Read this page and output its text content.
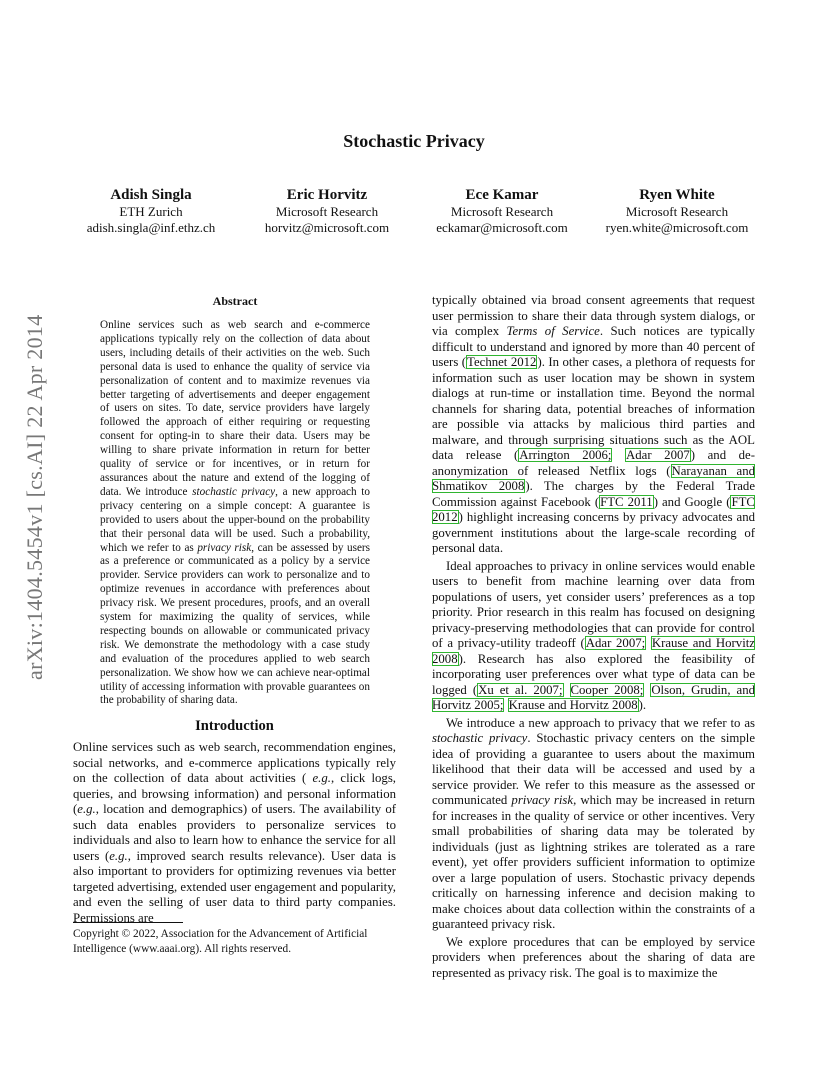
Stochastic Privacy
Adish Singla
ETH Zurich
adish.singla@inf.ethz.ch
Eric Horvitz
Microsoft Research
horvitz@microsoft.com
Ece Kamar
Microsoft Research
eckamar@microsoft.com
Ryen White
Microsoft Research
ryen.white@microsoft.com
arXiv:1404.5454v1 [cs.AI] 22 Apr 2014
Abstract

Online services such as web search and e-commerce applications typically rely on the collection of data about users, including details of their activities on the web. Such personal data is used to enhance the quality of service via personalization of content and to maximize revenues via better targeting of advertisements and deeper engagement of users on sites. To date, service providers have largely followed the approach of either requiring or requesting consent for opting-in to share their data. Users may be willing to share private information in return for better quality of service or for incentives, or in return for assurances about the nature and extend of the logging of data. We introduce stochastic privacy, a new approach to privacy centering on a simple concept: A guarantee is provided to users about the upper-bound on the probability that their personal data will be used. Such a probability, which we refer to as privacy risk, can be assessed by users as a preference or communicated as a policy by a service provider. Service providers can work to personalize and to optimize revenues in accordance with preferences about privacy risk. We present procedures, proofs, and an overall system for maximizing the quality of services, while respecting bounds on allowable or communicated privacy risk. We demonstrate the methodology with a case study and evaluation of the procedures applied to web search personalization. We show how we can achieve near-optimal utility of accessing information with provable guarantees on the probability of sharing data.

Introduction

Online services such as web search, recommendation engines, social networks, and e-commerce applications typically rely on the collection of data about activities ( e.g., click logs, queries, and browsing information) and personal information (e.g., location and demographics) of users. The availability of such data enables providers to personalize services to individuals and also to learn how to enhance the service for all users (e.g., improved search results relevance). User data is also important to providers for optimizing revenues via better targeted advertising, extended user engagement and popularity, and even the selling of user data to third party companies. Permissions are

Copyright © 2022, Association for the Advancement of Artificial Intelligence (www.aaai.org). All rights reserved.

typically obtained via broad consent agreements that request user permission to share their data through system dialogs, or via complex Terms of Service. Such notices are typically difficult to understand and ignored by more than 40 percent of users (Technet 2012). In other cases, a plethora of requests for information such as user location may be shown in system dialogs at run-time or installation time. Beyond the normal channels for sharing data, potential breaches of information are possible via attacks by malicious third parties and malware, and through surprising situations such as the AOL data release (Arrington 2006; Adar 2007) and de-anonymization of released Netflix logs (Narayanan and Shmatikov 2008). The charges by the Federal Trade Commission against Facebook (FTC 2011) and Google (FTC 2012) highlight increasing concerns by privacy advocates and government institutions about the large-scale recording of personal data.

Ideal approaches to privacy in online services would enable users to benefit from machine learning over data from populations of users, yet consider users’ preferences as a top priority. Prior research in this realm has focused on designing privacy-preserving methodologies that can provide for control of a privacy-utility tradeoff (Adar 2007; Krause and Horvitz 2008). Research has also explored the feasibility of incorporating user preferences over what type of data can be logged (Xu et al. 2007; Cooper 2008; Olson, Grudin, and Horvitz 2005; Krause and Horvitz 2008).

We introduce a new approach to privacy that we refer to as stochastic privacy. Stochastic privacy centers on the simple idea of providing a guarantee to users about the maximum likelihood that their data will be accessed and used by a service provider. We refer to this measure as the assessed or communicated privacy risk, which may be increased in return for increases in the quality of service or other incentives. Very small probabilities of sharing data may be tolerated by individuals (just as lightning strikes are tolerated as a rare event), yet offer providers sufficient information to optimize over a large population of users. Stochastic privacy depends critically on harnessing inference and decision making to make choices about data collection within the constraints of a guaranteed privacy risk.

We explore procedures that can be employed by service providers when preferences about the sharing of data are represented as privacy risk. The goal is to maximize the
